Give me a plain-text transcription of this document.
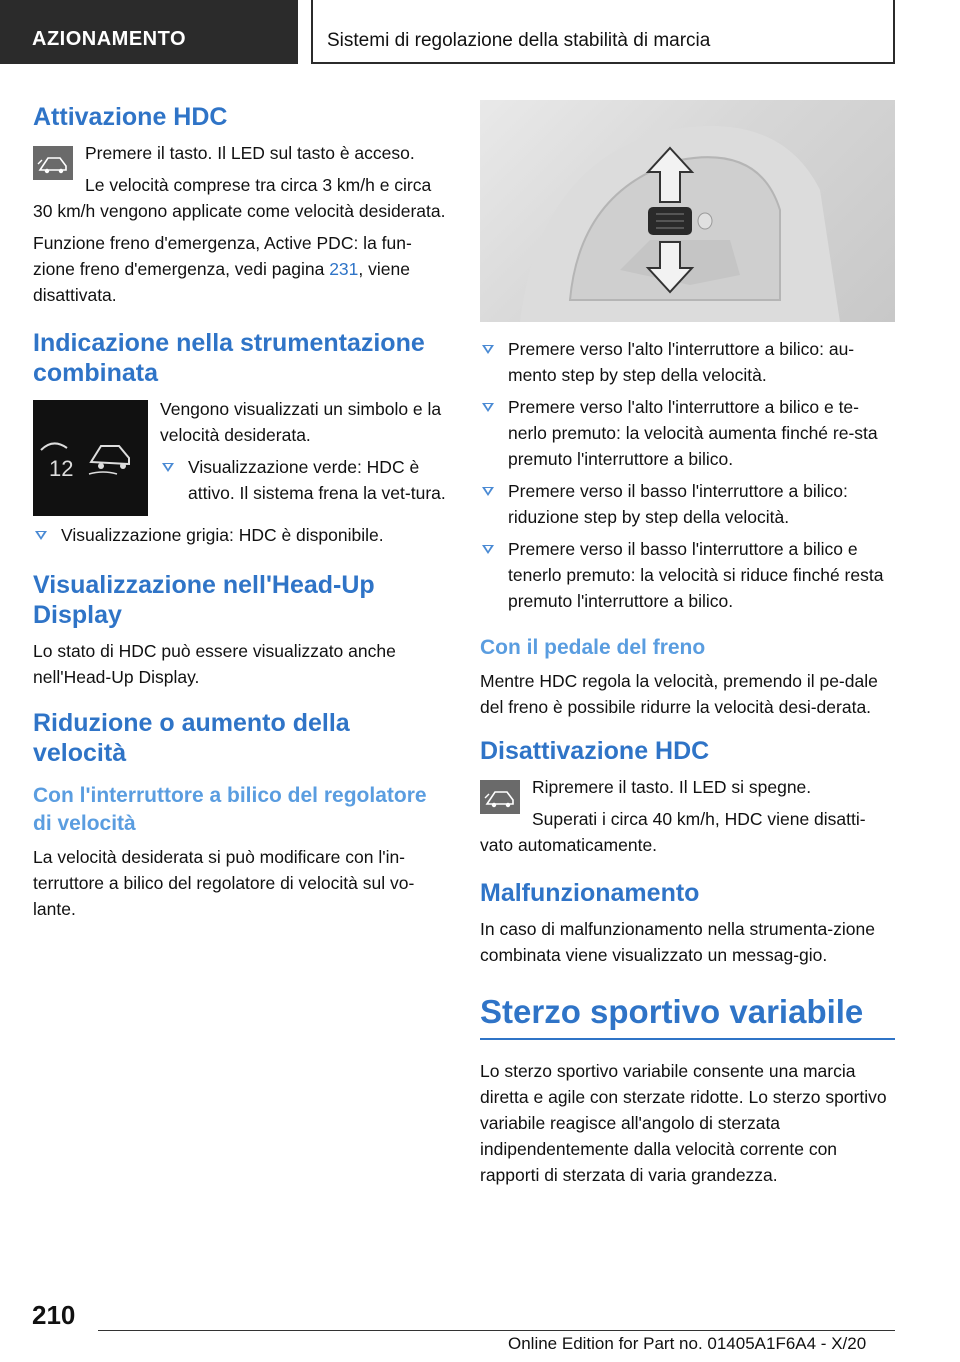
AZIONAMENTO	Sistemi di regolazione della stabilità di marcia
Attivazione HDC

Premere il tasto. Il LED sul tasto è acceso.

Le velocità comprese tra circa 3 km/h e circa 30 km/h vengono applicate come velocità desiderata.

Funzione freno d'emergenza, Active PDC: la fun‐zione freno d'emergenza, vedi pagina 231, viene disattivata.

Indicazione nella strumentazione combinata
12

Vengono visualizzati un simbolo e la velocità desiderata.

Visualizzazione verde: HDC è attivo. Il sistema frena la vet‐tura.
Visualizzazione grigia: HDC è disponibile.
Visualizzazione nell'Head-Up Display

Lo stato di HDC può essere visualizzato anche nell'Head-Up Display.

Riduzione o aumento della velocità
Con l'interruttore a bilico del regolatore di velocità

La velocità desiderata si può modificare con l'in‐terruttore a bilico del regolatore di velocità sul vo‐lante.

Premere verso l'alto l'interruttore a bilico: au‐mento step by step della velocità.
Premere verso l'alto l'interruttore a bilico e te‐nerlo premuto: la velocità aumenta finché re‐sta premuto l'interruttore a bilico.
Premere verso il basso l'interruttore a bilico: riduzione step by step della velocità.
Premere verso il basso l'interruttore a bilico e tenerlo premuto: la velocità si riduce finché resta premuto l'interruttore a bilico.
Con il pedale del freno

Mentre HDC regola la velocità, premendo il pe‐dale del freno è possibile ridurre la velocità desi‐derata.

Disattivazione HDC

Ripremere il tasto. Il LED si spegne.

Superati i circa 40 km/h, HDC viene disatti‐vato automaticamente.

Malfunzionamento

In caso di malfunzionamento nella strumenta‐zione combinata viene visualizzato un messag‐gio.

Sterzo sportivo variabile

Lo sterzo sportivo variabile consente una marcia diretta e agile con sterzate ridotte. Lo sterzo sportivo variabile reagisce all'angolo di sterzata indipendentemente dalla velocità corrente con rapporti di sterzata di varia grandezza.

210
Online Edition for Part no. 01405A1F6A4 - X/20
